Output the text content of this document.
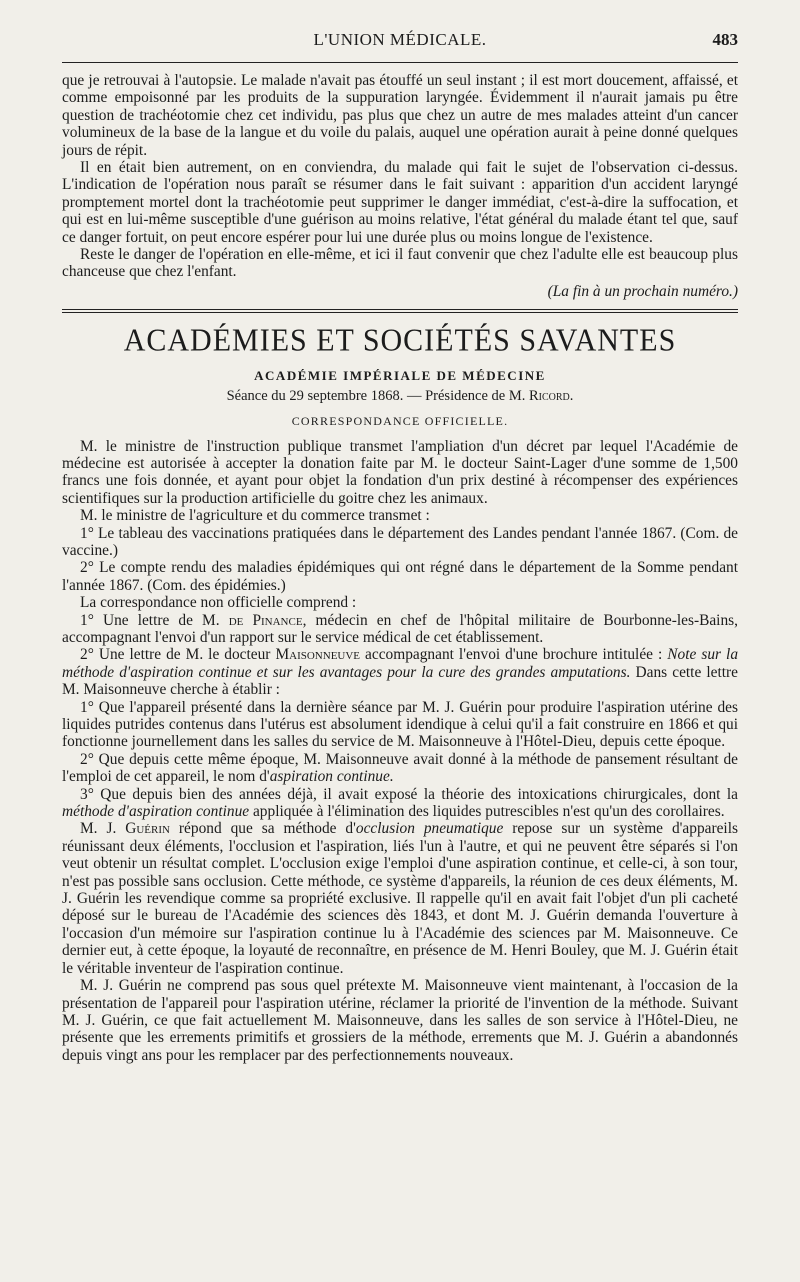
L'UNION MÉDICALE.	483

que je retrouvai à l'autopsie. Le malade n'avait pas étouffé un seul instant ; il est mort doucement, affaissé, et comme empoisonné par les produits de la suppuration laryngée. Évidemment il n'aurait jamais pu être question de trachéotomie chez cet individu, pas plus que chez un autre de mes malades atteint d'un cancer volumineux de la base de la langue et du voile du palais, auquel une opération aurait à peine donné quelques jours de répit.

Il en était bien autrement, on en conviendra, du malade qui fait le sujet de l'observation ci-dessus. L'indication de l'opération nous paraît se résumer dans le fait suivant : apparition d'un accident laryngé promptement mortel dont la trachéotomie peut supprimer le danger immédiat, c'est-à-dire la suffocation, et qui est en lui-même susceptible d'une guérison au moins relative, l'état général du malade étant tel que, sauf ce danger fortuit, on peut encore espérer pour lui une durée plus ou moins longue de l'existence.

Reste le danger de l'opération en elle-même, et ici il faut convenir que chez l'adulte elle est beaucoup plus chanceuse que chez l'enfant.

(La fin à un prochain numéro.)

ACADÉMIES ET SOCIÉTÉS SAVANTES
ACADÉMIE IMPÉRIALE DE MÉDECINE
Séance du 29 septembre 1868. — Présidence de M. Ricord.
CORRESPONDANCE OFFICIELLE.

M. le ministre de l'instruction publique transmet l'ampliation d'un décret par lequel l'Académie de médecine est autorisée à accepter la donation faite par M. le docteur Saint-Lager d'une somme de 1,500 francs une fois donnée, et ayant pour objet la fondation d'un prix destiné à récompenser des expériences scientifiques sur la production artificielle du goitre chez les animaux.

M. le ministre de l'agriculture et du commerce transmet :

1° Le tableau des vaccinations pratiquées dans le département des Landes pendant l'année 1867. (Com. de vaccine.)

2° Le compte rendu des maladies épidémiques qui ont régné dans le département de la Somme pendant l'année 1867. (Com. des épidémies.)

La correspondance non officielle comprend :

1° Une lettre de M. de Pinance, médecin en chef de l'hôpital militaire de Bourbonne-les-Bains, accompagnant l'envoi d'un rapport sur le service médical de cet établissement.

2° Une lettre de M. le docteur Maisonneuve accompagnant l'envoi d'une brochure intitulée : Note sur la méthode d'aspiration continue et sur les avantages pour la cure des grandes amputations. Dans cette lettre M. Maisonneuve cherche à établir :

1° Que l'appareil présenté dans la dernière séance par M. J. Guérin pour produire l'aspiration utérine des liquides putrides contenus dans l'utérus est absolument idendique à celui qu'il a fait construire en 1866 et qui fonctionne journellement dans les salles du service de M. Maisonneuve à l'Hôtel-Dieu, depuis cette époque.

2° Que depuis cette même époque, M. Maisonneuve avait donné à la méthode de pansement résultant de l'emploi de cet appareil, le nom d'aspiration continue.

3° Que depuis bien des années déjà, il avait exposé la théorie des intoxications chirurgicales, dont la méthode d'aspiration continue appliquée à l'élimination des liquides putrescibles n'est qu'un des corollaires.

M. J. Guérin répond que sa méthode d'occlusion pneumatique repose sur un système d'appareils réunissant deux éléments, l'occlusion et l'aspiration, liés l'un à l'autre, et qui ne peuvent être séparés si l'on veut obtenir un résultat complet. L'occlusion exige l'emploi d'une aspiration continue, et celle-ci, à son tour, n'est pas possible sans occlusion. Cette méthode, ce système d'appareils, la réunion de ces deux éléments, M. J. Guérin les revendique comme sa propriété exclusive. Il rappelle qu'il en avait fait l'objet d'un pli cacheté déposé sur le bureau de l'Académie des sciences dès 1843, et dont M. J. Guérin demanda l'ouverture à l'occasion d'un mémoire sur l'aspiration continue lu à l'Académie des sciences par M. Maisonneuve. Ce dernier eut, à cette époque, la loyauté de reconnaître, en présence de M. Henri Bouley, que M. J. Guérin était le véritable inventeur de l'aspiration continue.

M. J. Guérin ne comprend pas sous quel prétexte M. Maisonneuve vient maintenant, à l'occasion de la présentation de l'appareil pour l'aspiration utérine, réclamer la priorité de l'invention de la méthode. Suivant M. J. Guérin, ce que fait actuellement M. Maisonneuve, dans les salles de son service à l'Hôtel-Dieu, ne présente que les errements primitifs et grossiers de la méthode, errements que M. J. Guérin a abandonnés depuis vingt ans pour les remplacer par des perfectionnements nouveaux.
